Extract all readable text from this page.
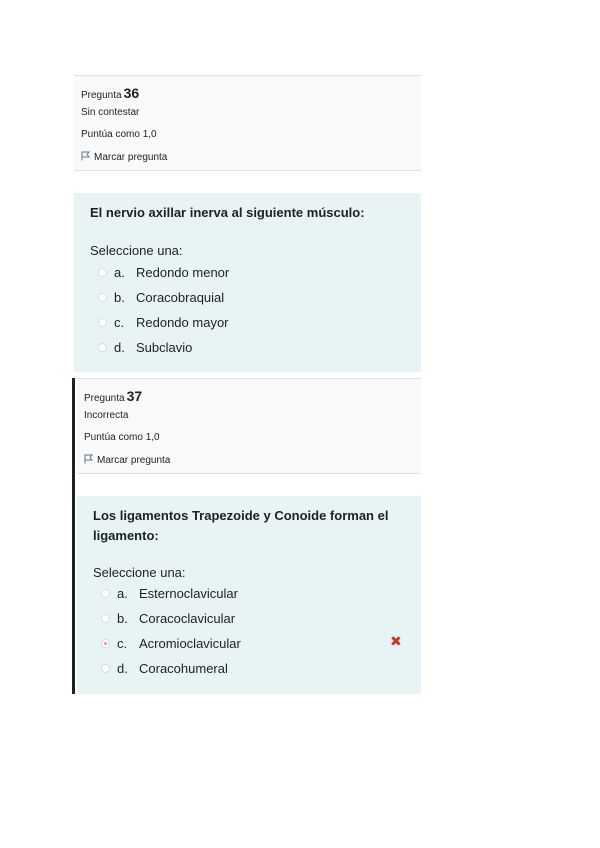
Pregunta 36
Sin contestar
Puntúa como 1,0
Marcar pregunta
El nervio axillar inerva al siguiente músculo:
Seleccione una:
a. Redondo menor
b. Coracobraquial
c. Redondo mayor
d. Subclavio
Pregunta 37
Incorrecta
Puntúa como 1,0
Marcar pregunta
Los ligamentos Trapezoide y Conoide forman el ligamento:
Seleccione una:
a. Esternoclavicular
b. Coracoclavicular
c. Acromioclavicular	✖
d. Coracohumeral
